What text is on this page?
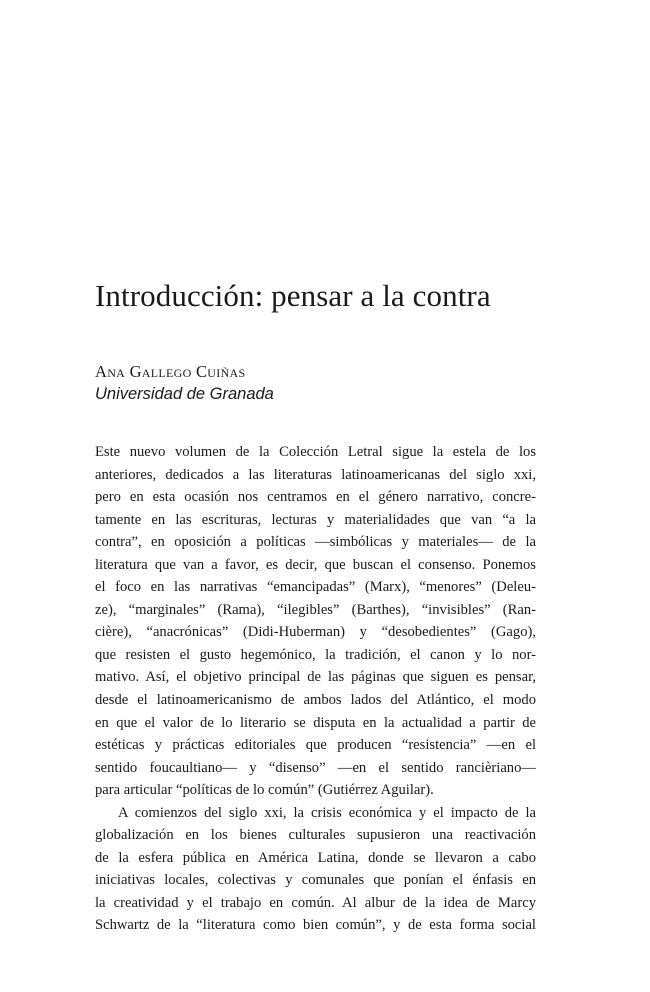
Introducción: pensar a la contra

Ana Gallego Cuiñas

Universidad de Granada

Este nuevo volumen de la Colección Letral sigue la estela de los
anteriores, dedicados a las literaturas latinoamericanas del siglo xxi,
pero en esta ocasión nos centramos en el género narrativo, concre-
tamente en las escrituras, lecturas y materialidades que van “a la
contra”, en oposición a políticas —simbólicas y materiales— de la
literatura que van a favor, es decir, que buscan el consenso. Ponemos
el foco en las narrativas “emancipadas” (Marx), “menores” (Deleu-
ze), “marginales” (Rama), “ilegibles” (Barthes), “invisibles” (Ran-
cière), “anacrónicas” (Didi-Huberman) y “desobedientes” (Gago),
que resisten el gusto hegemónico, la tradición, el canon y lo nor-
mativo. Así, el objetivo principal de las páginas que siguen es pensar,
desde el latinoamericanismo de ambos lados del Atlántico, el modo
en que el valor de lo literario se disputa en la actualidad a partir de
estéticas y prácticas editoriales que producen “resistencia” —en el
sentido foucaultiano— y “disenso” —en el sentido rancièriano—
para articular “políticas de lo común” (Gutiérrez Aguilar).
A comienzos del siglo xxi, la crisis económica y el impacto de la
globalización en los bienes culturales supusieron una reactivación
de la esfera pública en América Latina, donde se llevaron a cabo
iniciativas locales, colectivas y comunales que ponían el énfasis en
la creatividad y el trabajo en común. Al albur de la idea de Marcy
Schwartz de la “literatura como bien común”, y de esta forma social
